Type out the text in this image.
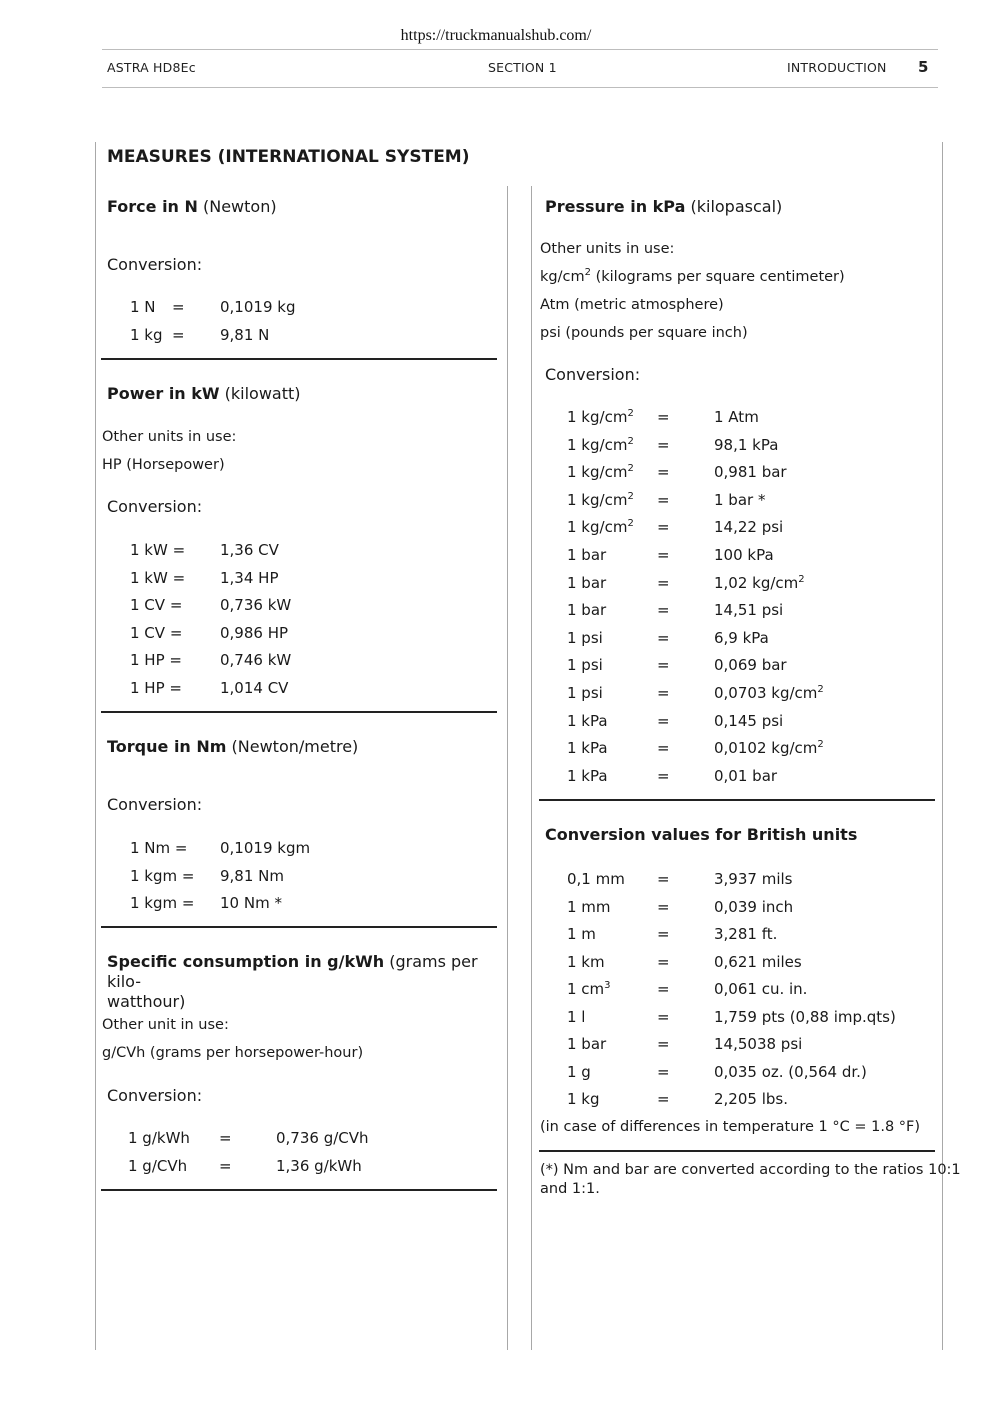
https://truckmanualshub.com/
ASTRA HD8Ec	SECTION 1	INTRODUCTION 5
MEASURES (INTERNATIONAL SYSTEM)
Force in N (Newton)
Conversion:
1 N = 0,1019 kg
1 kg = 9,81 N
Power in kW (kilowatt)
Other units in use:
HP (Horsepower)
Conversion:
1 kW = 1,36 CV
1 kW = 1,34 HP
1 CV =	0,736 kW
1 CV =	0,986 HP
1 HP =	0,746 kW
1 HP =	1,014 CV
Torque in Nm (Newton/metre)
Conversion:
1 Nm = 0,1019 kgm
1 kgm = 9,81 Nm
1 kgm = 10 Nm *
Specific consumption in g/kWh (grams per kilo-
watthour)
Other unit in use:
g/CVh (grams per horsepower-hour)
Conversion:
1 g/kWh =	0,736 g/CVh
1 g/CVh =	1,36 g/kWh
Pressure in kPa (kilopascal)
Other units in use:
$kg/cm^2$ (kilograms per square centimeter)
Atm (metric atmosphere)
psi (pounds per square inch)
Conversion:
1 $kg/cm^2$ =	1 Atm
1 $kg/cm^2$ =	98,1 kPa
1 $kg/cm^2$ =	0,981 bar
1 $kg/cm^2$ =	1 bar *
1 $kg/cm^2$ =	14,22 psi
1 bar	=	100 kPa
1 bar	=	1,02 $kg/cm^2$
1 bar	=	14,51 psi
1 psi	=	6,9 kPa
1 psi	=	0,069 bar
1 psi	=	0,0703 $kg/cm^2$
1 kPa	=	0,145 psi
1 kPa	=	0,0102 $kg/cm^2$
1 kPa	=	0,01 bar
Conversion values for British units
0,1 mm =	3,937 mils
1 mm	=	0,039 inch
1 m	=	3,281 ft.
1 km	=	0,621 miles
1 $cm^3$	=	0,061 cu. in.
1 l	=	1,759 pts (0,88 imp.qts)
1 bar	=	14,5038 psi
1 g	=	0,035 oz. (0,564 dr.)
1 kg	=	2,205 lbs.
(in case of differences in temperature 1 °C = 1.8 °F)
(*) Nm and bar are converted according to the ratios 10:1
and 1:1.
